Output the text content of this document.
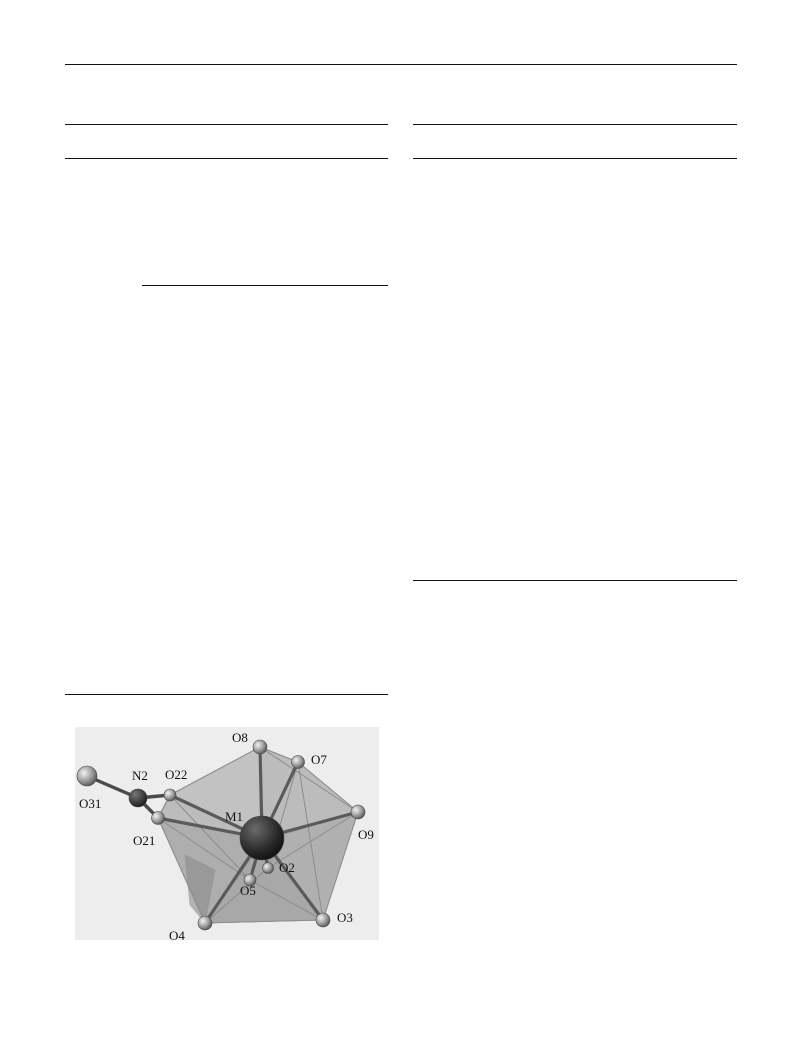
O8
O7
N2 O22
O31
M1
O9
O21
O2
O5
O4
O3
